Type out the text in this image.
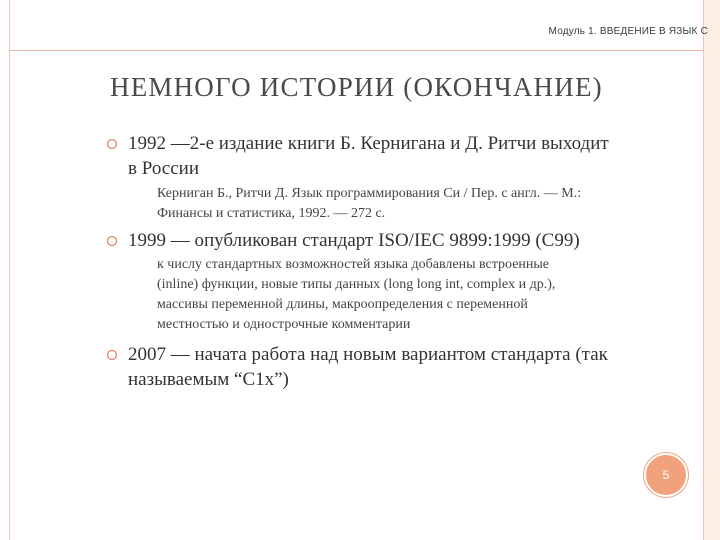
Модуль 1. ВВЕДЕНИЕ В ЯЗЫК С
НЕМНОГО ИСТОРИИ (ОКОНЧАНИЕ)
1992 —2-е издание книги Б. Кернигана и Д. Ритчи выходит
в России
Керниган Б., Ритчи Д. Язык программирования Си / Пер. с англ. — М.:
Финансы и статистика, 1992. — 272 с.
1999 — опубликован стандарт ISO/IEC 9899:1999 (C99)
к числу стандартных возможностей языка добавлены встроенные
(inline) функции, новые типы данных (long long int, complex и др.),
массивы переменной длины, макроопределения с переменной
местностью и однострочные комментарии
2007 — начата работа над новым вариантом стандарта (так
называемым “C1x”)
5
